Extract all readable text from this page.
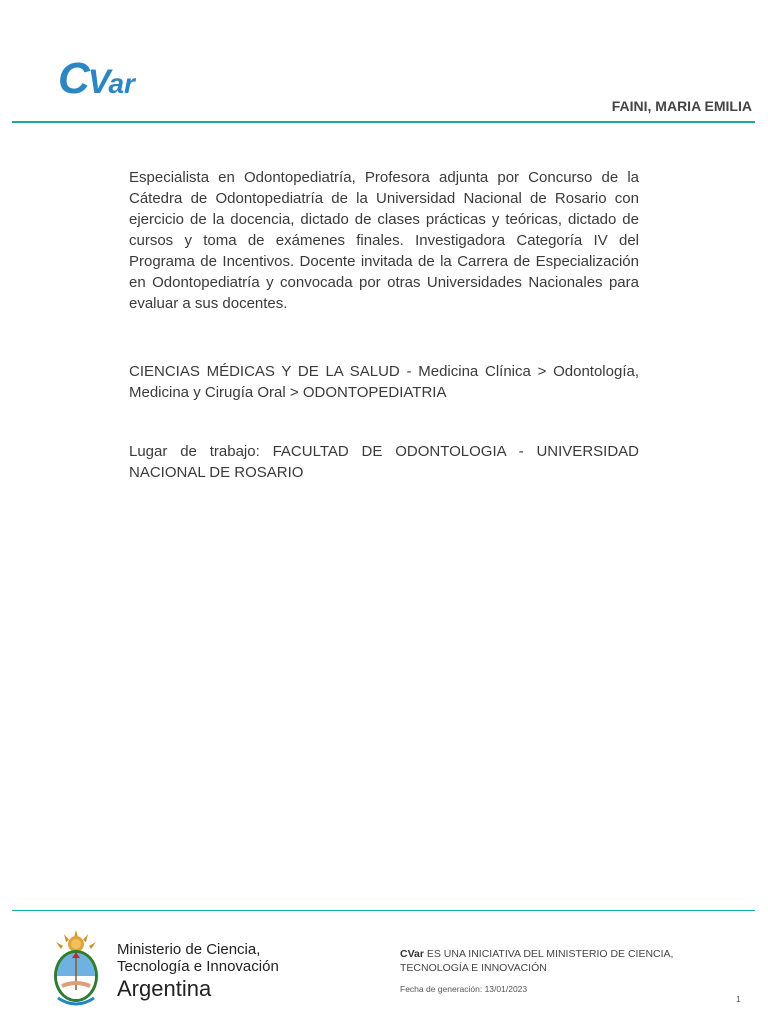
CVar
FAINI, MARIA EMILIA

Especialista en Odontopediatría, Profesora adjunta por Concurso de la Cátedra de Odontopediatría de la Universidad Nacional de Rosario con ejercicio de la docencia, dictado de clases prácticas y teóricas, dictado de cursos y toma de exámenes finales. Investigadora Categoría IV del Programa de Incentivos. Docente invitada de la Carrera de Especialización en Odontopediatría y convocada por otras Universidades Nacionales para evaluar a sus docentes.

CIENCIAS MÉDICAS Y DE LA SALUD - Medicina Clínica > Odontología, Medicina y Cirugía Oral > ODONTOPEDIATRIA

Lugar de trabajo: FACULTAD DE ODONTOLOGIA - UNIVERSIDAD NACIONAL DE ROSARIO

Ministerio de Ciencia,
Tecnología e Innovación
Argentina
CVar ES UNA INICIATIVA DEL MINISTERIO DE CIENCIA,
TECNOLOGÍA E INNOVACIÓN
Fecha de generación: 13/01/2023
1
